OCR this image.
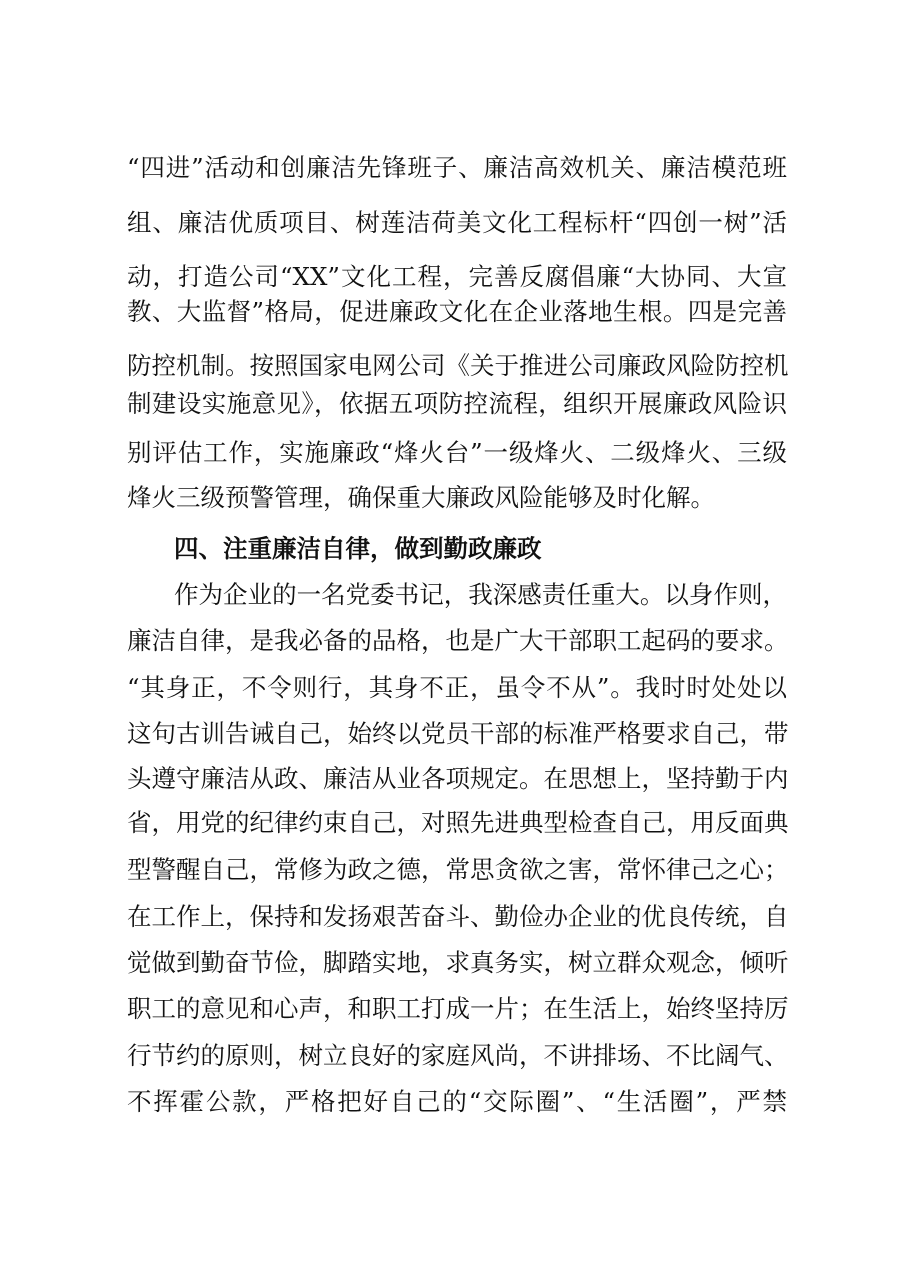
“四进”活动和创廉洁先锋班子、廉洁高效机关、廉洁模范班
组、廉洁优质项目、树莲洁荷美文化工程标杆“四创一树”活
动，打造公司“XX”文化工程，完善反腐倡廉“大协同、大宣
教、大监督”格局，促进廉政文化在企业落地生根。四是完善
防控机制。按照国家电网公司《关于推进公司廉政风险防控机
制建设实施意见》，依据五项防控流程，组织开展廉政风险识
别评估工作，实施廉政“烽火台”一级烽火、二级烽火、三级
烽火三级预警管理，确保重大廉政风险能够及时化解。
四、注重廉洁自律，做到勤政廉政
作为企业的一名党委书记，我深感责任重大。以身作则，
廉洁自律，是我必备的品格，也是广大干部职工起码的要求。
“其身正，不令则行，其身不正，虽令不从”。我时时处处以
这句古训告诫自己，始终以党员干部的标准严格要求自己，带
头遵守廉洁从政、廉洁从业各项规定。在思想上，坚持勤于内
省，用党的纪律约束自己，对照先进典型检查自己，用反面典
型警醒自己，常修为政之德，常思贪欲之害，常怀律己之心；
在工作上，保持和发扬艰苦奋斗、勤俭办企业的优良传统，自
觉做到勤奋节俭，脚踏实地，求真务实，树立群众观念，倾听
职工的意见和心声，和职工打成一片；在生活上，始终坚持厉
行节约的原则，树立良好的家庭风尚，不讲排场、不比阔气、
不挥霍公款，严格把好自己的“交际圈”、“生活圈”，严禁
